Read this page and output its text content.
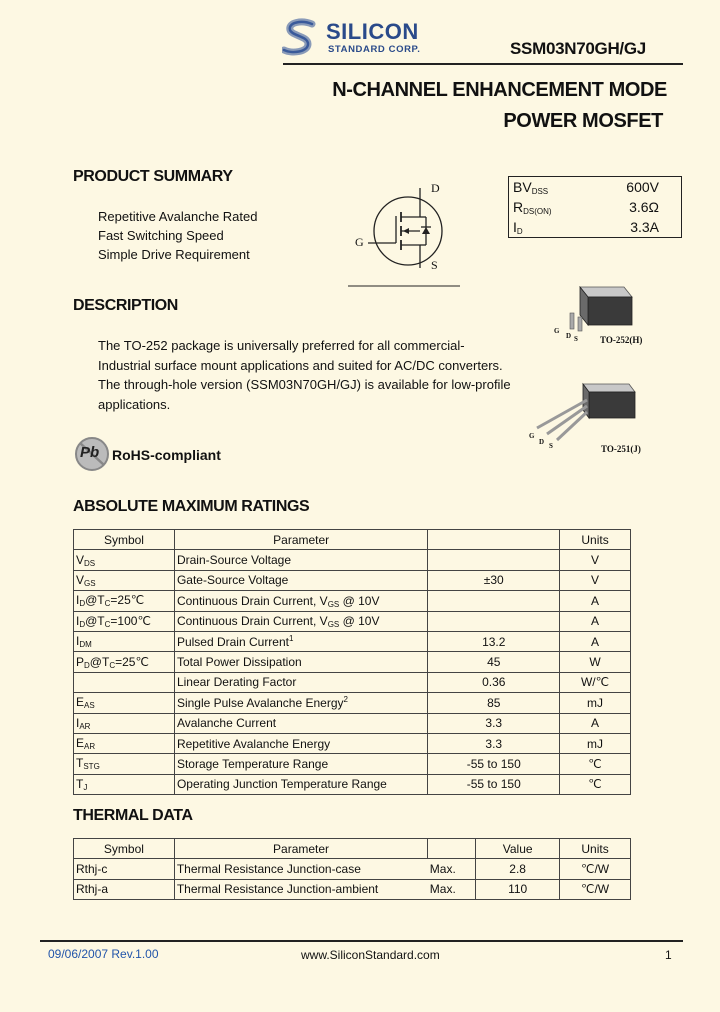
SILICON
STANDARD CORP.	SSM03N70GH/GJ
N-CHANNEL ENHANCEMENT MODE
POWER MOSFET
PRODUCT SUMMARY
Repetitive Avalanche Rated
Fast Switching Speed
Simple Drive Requirement
D
G
S
$BV_{DSS}$	600V
$R_{DS(ON)}$	3.6Ω
$I_D$	3.3A
DESCRIPTION
The TO-252 package is universally preferred for all commercial-
Industrial surface mount applications and suited for AC/DC converters.
The through-hole version (SSM03N70GH/GJ) is available for low-profile
applications.
G
D S TO-252(H)
G
D S	TO-251(J)
Pb RoHS-compliant
ABSOLUTE MAXIMUM RATINGS
Symbol	Parameter		Units
$V_{DS}$	Drain-Source Voltage		V
$V_{GS}$	Gate-Source Voltage	±30	V
$I_D@T_C=25℃$	Continuous Drain Current, $V_{GS}$ @ 10V		A
$I_D@T_C=100℃$	Continuous Drain Current, $V_{GS}$ @ 10V		A
$I_{DM}$	Pulsed Drain Current$^1$	13.2	A
$P_D@T_C=25℃$	Total Power Dissipation	45	W
	Linear Derating Factor	0.36	W/℃
$E_{AS}$	Single Pulse Avalanche Energy$^2$	85	mJ
$I_{AR}$	Avalanche Current	3.3	A
$E_{AR}$	Repetitive Avalanche Energy	3.3	mJ
$T_{STG}$	Storage Temperature Range	-55 to 150	℃
$T_J$	Operating Junction Temperature Range	-55 to 150	℃
THERMAL DATA
Symbol	Parameter		Value	Units
Rthj-c	Thermal Resistance Junction-case	Max.	2.8	℃/W
Rthj-a	Thermal Resistance Junction-ambient	Max.	110	℃/W
09/06/2007 Rev.1.00	www.SiliconStandard.com	1
